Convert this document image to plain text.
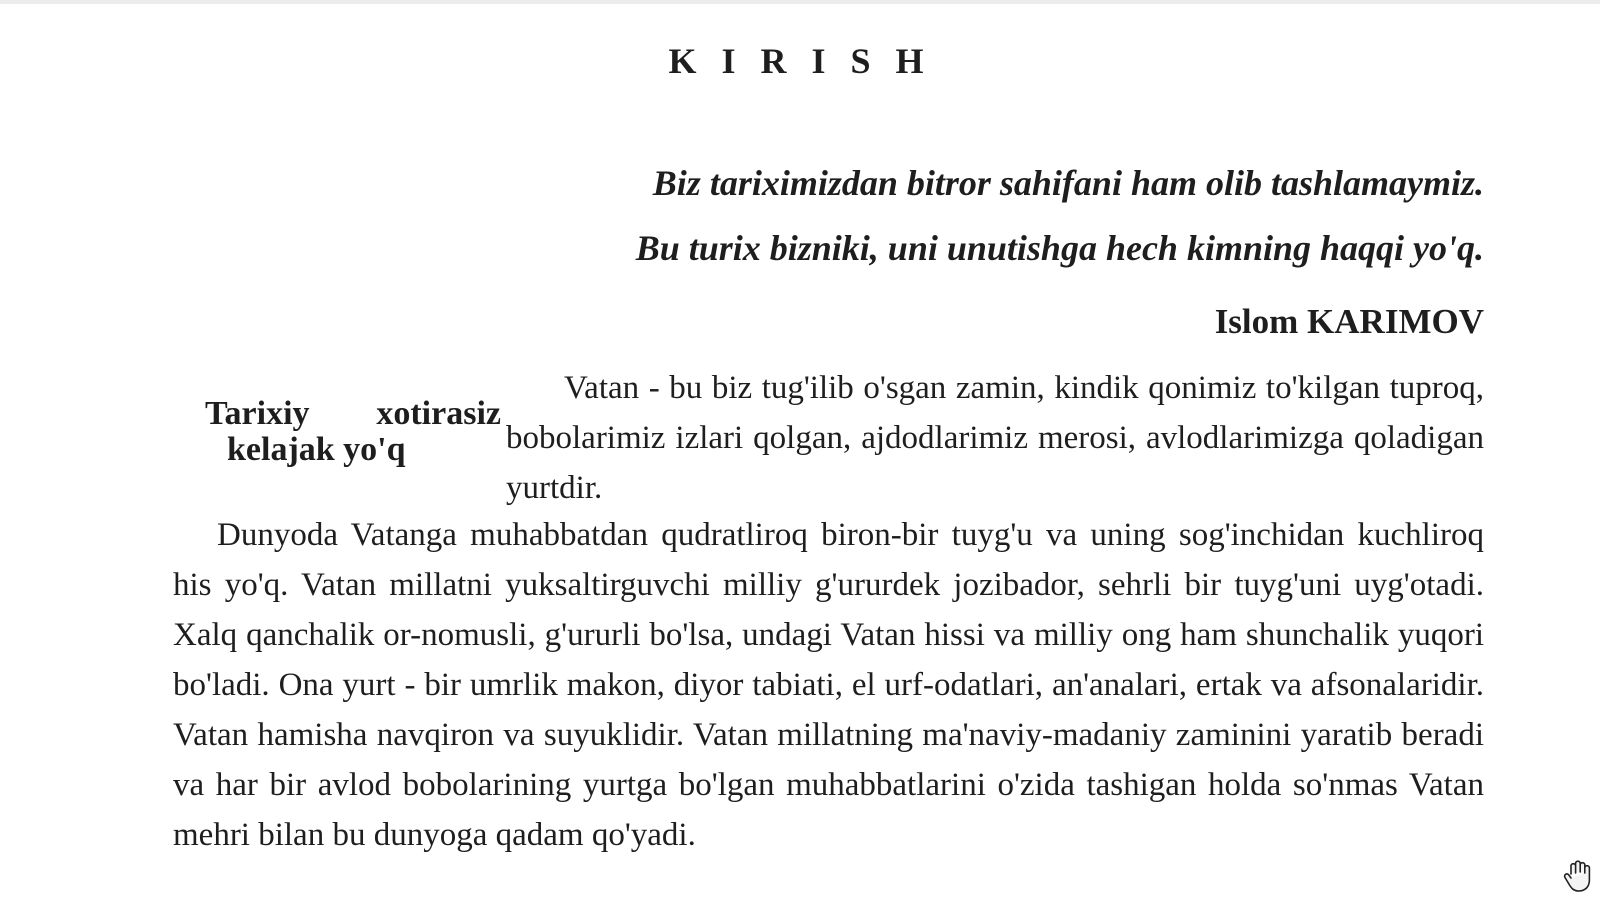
K I R I S H
Biz tariximizdan bitror sahifani ham olib tashlamaymiz.
Bu turix bizniki, uni unutishga hech kimning haqqi yo'q.
Islom KARIMOV
Tarixiy xotirasiz
kelajak yo'q

Vatan - bu biz tug'ilib o'sgan zamin, kindik qonimiz to'kilgan tuproq, bobolarimiz izlari qolgan, ajdodlarimiz merosi, avlodlarimizga qoladigan yurtdir.

Dunyoda Vatanga muhabbatdan qudratliroq biron-bir tuyg'u va uning sog'inchidan kuchliroq his yo'q. Vatan millatni yuksaltirguvchi milliy g'ururdek jozibador, sehrli bir tuyg'uni uyg'otadi. Xalq qanchalik or-nomusli, g'ururli bo'lsa, undagi Vatan hissi va milliy ong ham shunchalik yuqori bo'ladi. Ona yurt - bir umrlik makon, diyor tabiati, el urf-odatlari, an'analari, ertak va afsonalaridir. Vatan hamisha navqiron va suyuklidir. Vatan millatning ma'naviy-madaniy zaminini yaratib beradi va har bir avlod bobolarining yurtga bo'lgan muhabbatlarini o'zida tashigan holda so'nmas Vatan mehri bilan bu dunyoga qadam qo'yadi.
